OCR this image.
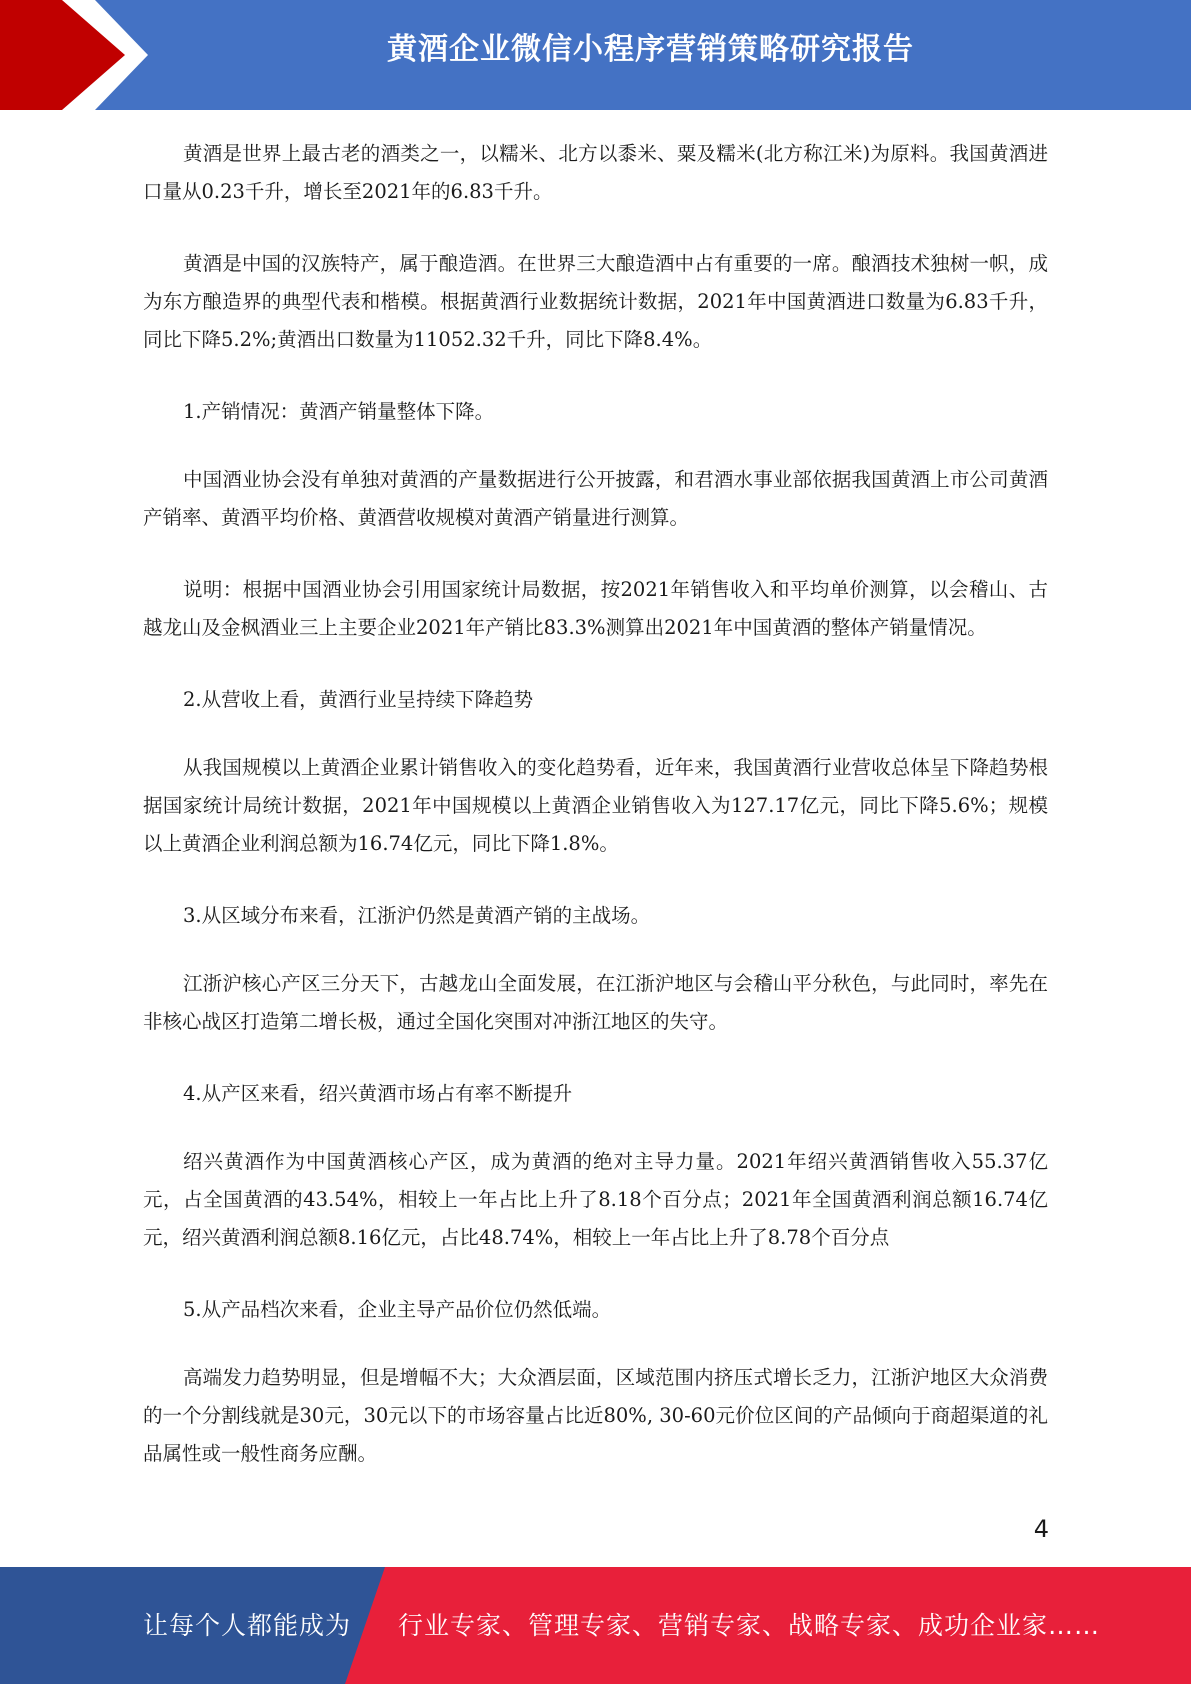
黄酒企业微信小程序营销策略研究报告

黄酒是世界上最古老的酒类之一，以糯米、北方以黍米、粟及糯米(北方称江米)为原料。我国黄酒进口量从0.23千升，增长至2021年的6.83千升。

黄酒是中国的汉族特产，属于酿造酒。在世界三大酿造酒中占有重要的一席。酿酒技术独树一帜，成为东方酿造界的典型代表和楷模。根据黄酒行业数据统计数据，2021年中国黄酒进口数量为6.83千升，同比下降5.2%;黄酒出口数量为11052.32千升，同比下降8.4%。

1.产销情况：黄酒产销量整体下降。

中国酒业协会没有单独对黄酒的产量数据进行公开披露，和君酒水事业部依据我国黄酒上市公司黄酒产销率、黄酒平均价格、黄酒营收规模对黄酒产销量进行测算。

说明：根据中国酒业协会引用国家统计局数据，按2021年销售收入和平均单价测算，以会稽山、古越龙山及金枫酒业三上主要企业2021年产销比83.3%测算出2021年中国黄酒的整体产销量情况。

2.从营收上看，黄酒行业呈持续下降趋势

从我国规模以上黄酒企业累计销售收入的变化趋势看，近年来，我国黄酒行业营收总体呈下降趋势根据国家统计局统计数据，2021年中国规模以上黄酒企业销售收入为127.17亿元，同比下降5.6%；规模以上黄酒企业利润总额为16.74亿元，同比下降1.8%。

3.从区域分布来看，江浙沪仍然是黄酒产销的主战场。

江浙沪核心产区三分天下，古越龙山全面发展，在江浙沪地区与会稽山平分秋色，与此同时，率先在非核心战区打造第二增长极，通过全国化突围对冲浙江地区的失守。

4.从产区来看，绍兴黄酒市场占有率不断提升

绍兴黄酒作为中国黄酒核心产区，成为黄酒的绝对主导力量。2021年绍兴黄酒销售收入55.37亿元，占全国黄酒的43.54%，相较上一年占比上升了8.18个百分点；2021年全国黄酒利润总额16.74亿元，绍兴黄酒利润总额8.16亿元，占比48.74%，相较上一年占比上升了8.78个百分点

5.从产品档次来看，企业主导产品价位仍然低端。

高端发力趋势明显，但是增幅不大；大众酒层面，区域范围内挤压式增长乏力，江浙沪地区大众消费的一个分割线就是30元，30元以下的市场容量占比近80%, 30-60元价位区间的产品倾向于商超渠道的礼品属性或一般性商务应酬。

4
让每个人都能成为 行业专家、管理专家、营销专家、战略专家、成功企业家……
